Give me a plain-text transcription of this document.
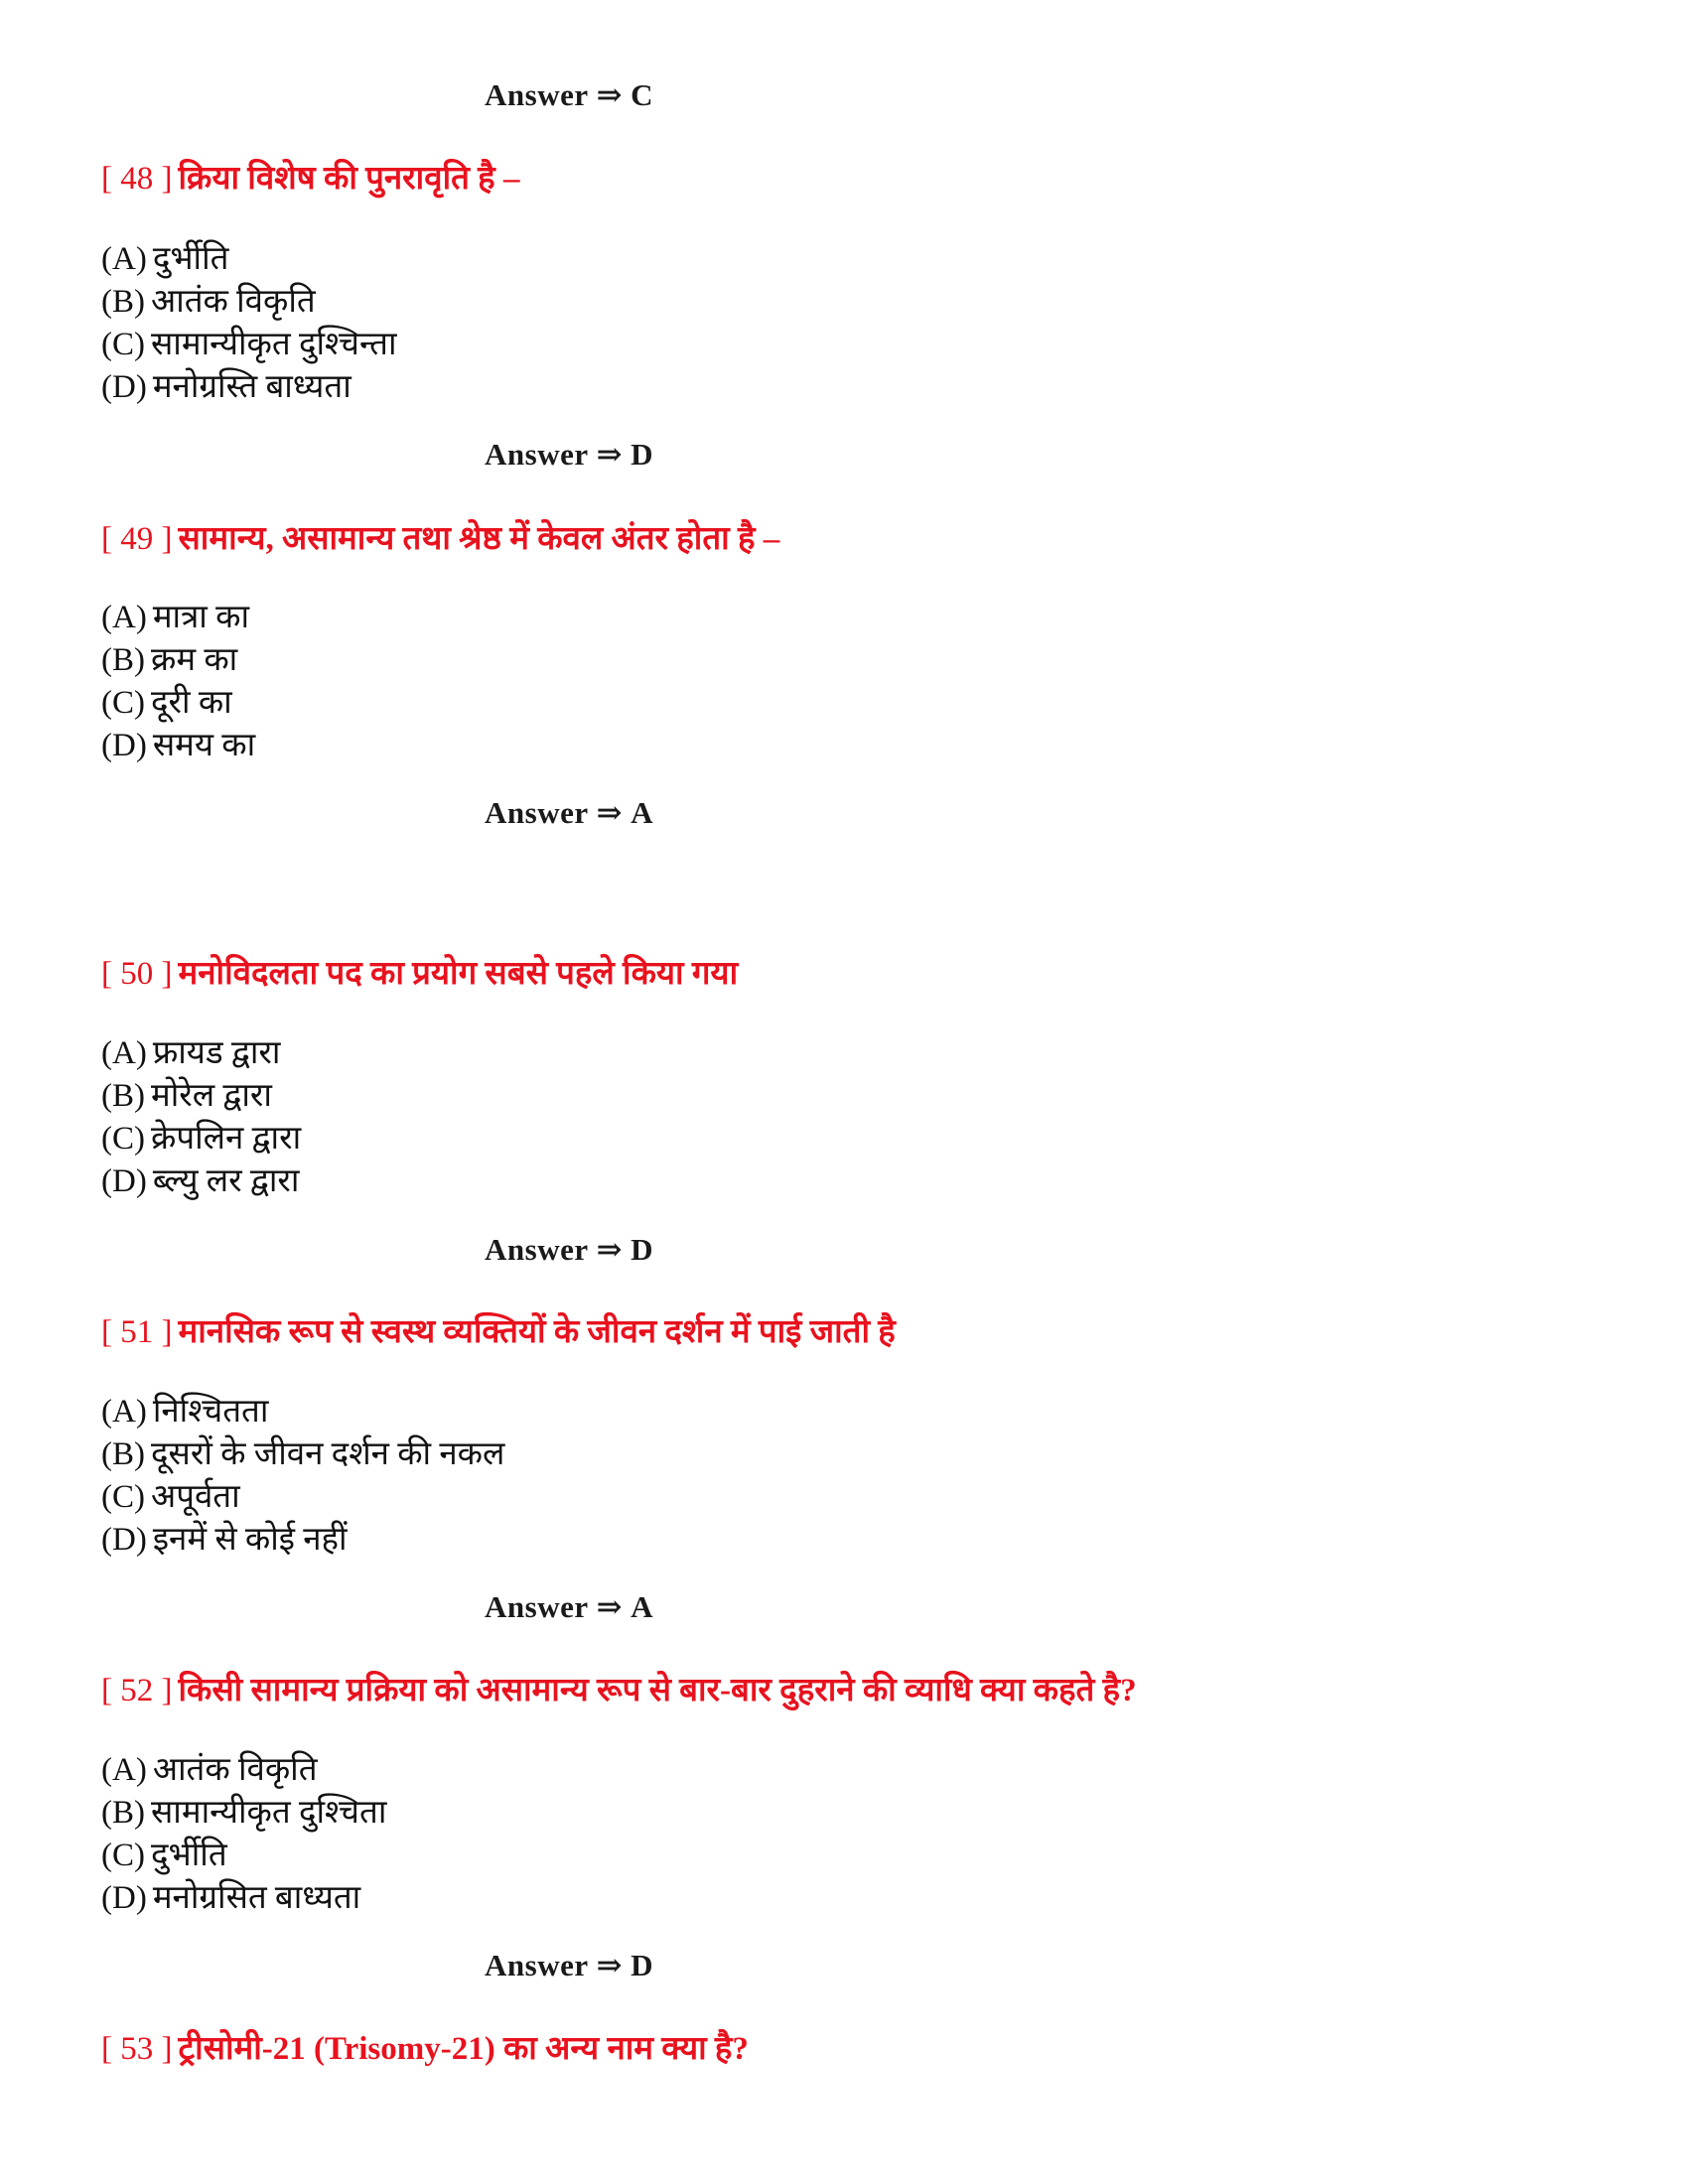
Answer ⇒ C
[ 48 ] क्रिया विशेष की पुनरावृति है –
(A) दुर्भीति
(B) आतंक विकृति
(C) सामान्यीकृत दुश्चिन्ता
(D) मनोग्रस्ति बाध्यता
Answer ⇒ D
[ 49 ] सामान्य, असामान्य तथा श्रेष्ठ में केवल अंतर होता है –
(A) मात्रा का
(B) क्रम का
(C) दूरी का
(D) समय का
Answer ⇒ A
[ 50 ] मनोविदलता पद का प्रयोग सबसे पहले किया गया
(A) फ्रायड द्वारा
(B) मोरेल द्वारा
(C) क्रेपलिन द्वारा
(D) ब्ल्यु लर द्वारा
Answer ⇒ D
[ 51 ] मानसिक रूप से स्वस्थ व्यक्तियों के जीवन दर्शन में पाई जाती है
(A) निश्चितता
(B) दूसरों के जीवन दर्शन की नकल
(C) अपूर्वता
(D) इनमें से कोई नहीं
Answer ⇒ A
[ 52 ] किसी सामान्य प्रक्रिया को असामान्य रूप से बार-बार दुहराने की व्याधि क्या कहते है?
(A) आतंक विकृति
(B) सामान्यीकृत दुश्चिता
(C) दुर्भीति
(D) मनोग्रसित बाध्यता
Answer ⇒ D
[ 53 ] ट्रीसोमी-21 (Trisomy-21) का अन्य नाम क्या है?
